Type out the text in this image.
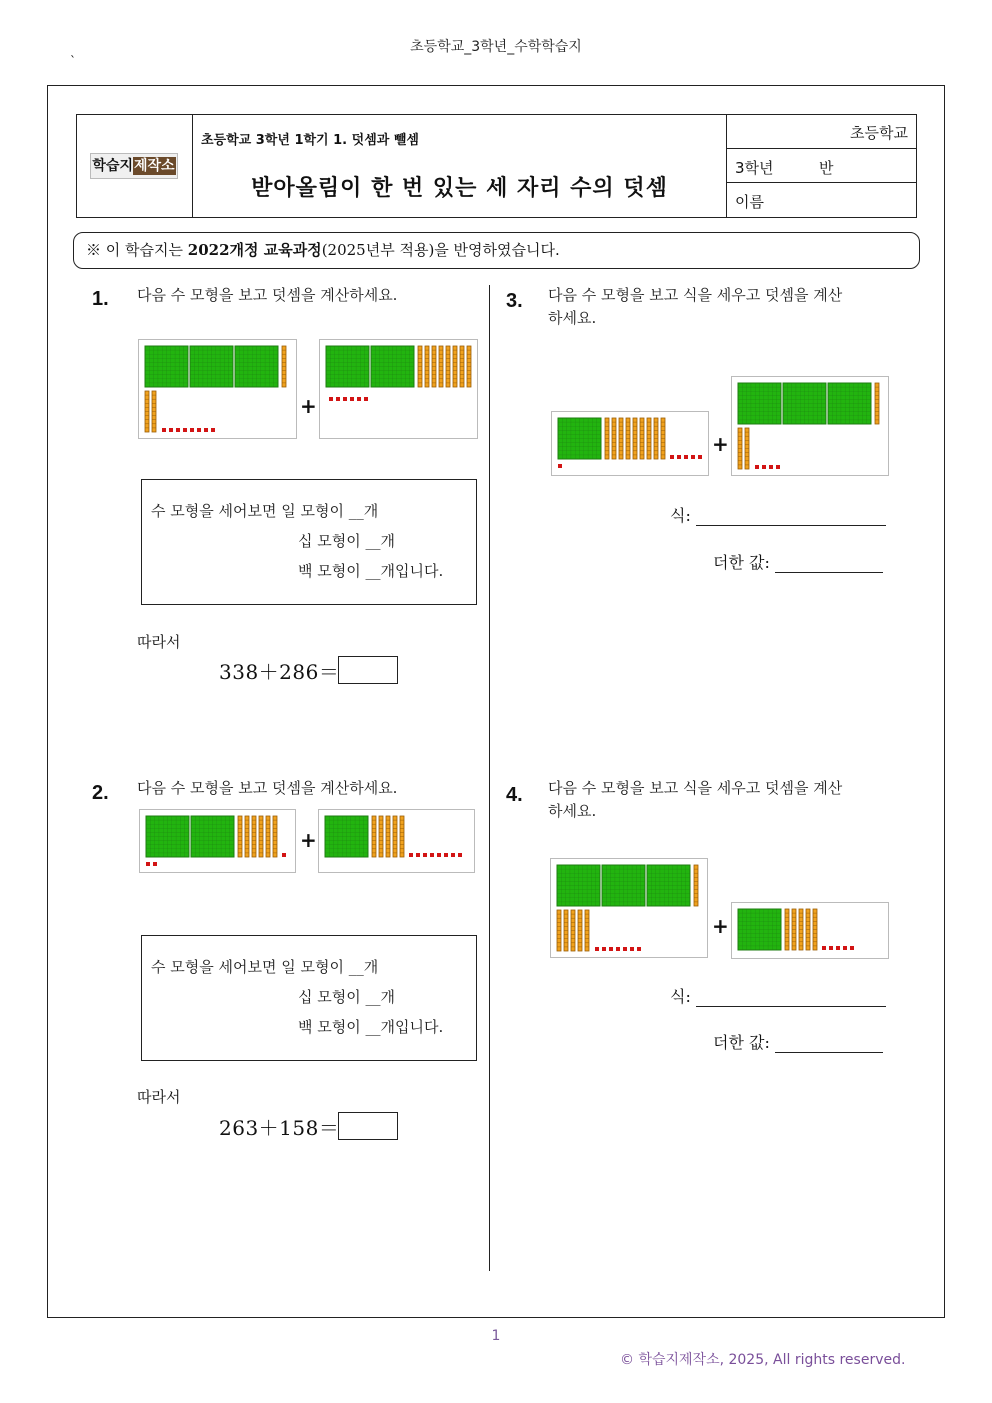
초등학교_3학년_수학학습지
`
학습지제작소
초등학교 3학년 1학기 1. 덧셈과 뺄셈
받아올림이 한 번 있는 세 자리 수의 덧셈
초등학교
3학년	반
이름
※ 이 학습지는 2022개정 교육과정(2025년부 적용)을 반영하였습니다.
1. 다음 수 모형을 보고 덧셈을 계산하세요.
+
수 모형을 세어보면 일 모형이 __개
십 모형이 __개
백 모형이 __개입니다.
따라서
338＋286＝
2. 다음 수 모형을 보고 덧셈을 계산하세요.
+
수 모형을 세어보면 일 모형이 __개
십 모형이 __개
백 모형이 __개입니다.
따라서
263＋158＝
3. 다음 수 모형을 보고 식을 세우고 덧셈을 계산
하세요.
+
식:
더한 값:
4. 다음 수 모형을 보고 식을 세우고 덧셈을 계산
하세요.
+
식:
더한 값:
1
© 학습지제작소, 2025, All rights reserved.
